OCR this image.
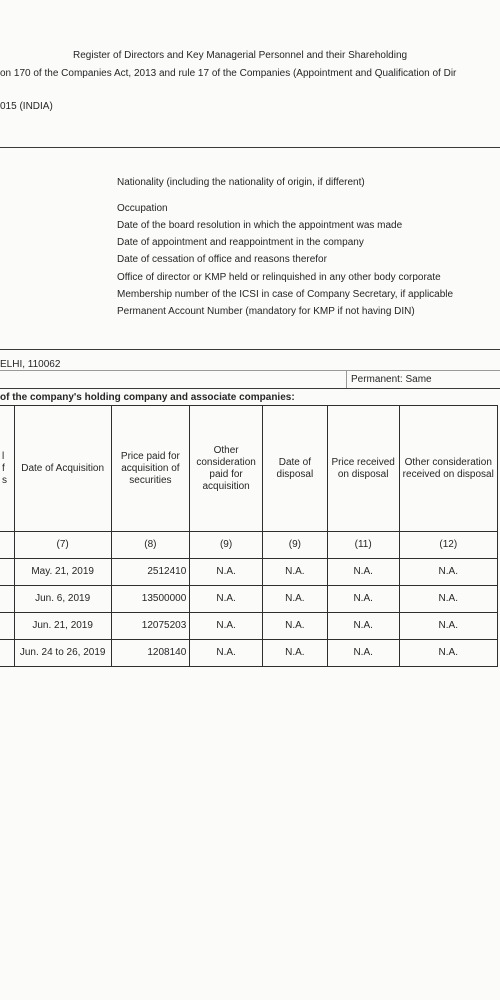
Register of Directors and Key Managerial Personnel and their Shareholding
on 170 of the Companies Act, 2013 and rule 17 of the Companies (Appointment and Qualification of Dir
015 (INDIA)
Nationality (including the nationality of origin, if different)
Occupation
Date of the board resolution in which the appointment was made
Date of appointment and reappointment in the company
Date of cessation of office and reasons therefor
Office of director or KMP held or relinquished in any other body corporate
Membership number of the ICSI in case of Company Secretary, if applicable
Permanent Account Number (mandatory for KMP if not having DIN)
ELHI, 110062
Permanent: Same
of the company's holding company and associate companies:
l
f
s	Date of Acquisition	Price paid for acquisition of securities	Other consideration paid for acquisition	Date of disposal	Price received on disposal	Other consideration received on disposal
	(7)	(8)	(9)	(9)	(11)	(12)
	May. 21, 2019	2512410	N.A.	N.A.	N.A.	N.A.
	Jun. 6, 2019	13500000	N.A.	N.A.	N.A.	N.A.
	Jun. 21, 2019	12075203	N.A.	N.A.	N.A.	N.A.
	Jun. 24 to 26, 2019	1208140	N.A.	N.A.	N.A.	N.A.
